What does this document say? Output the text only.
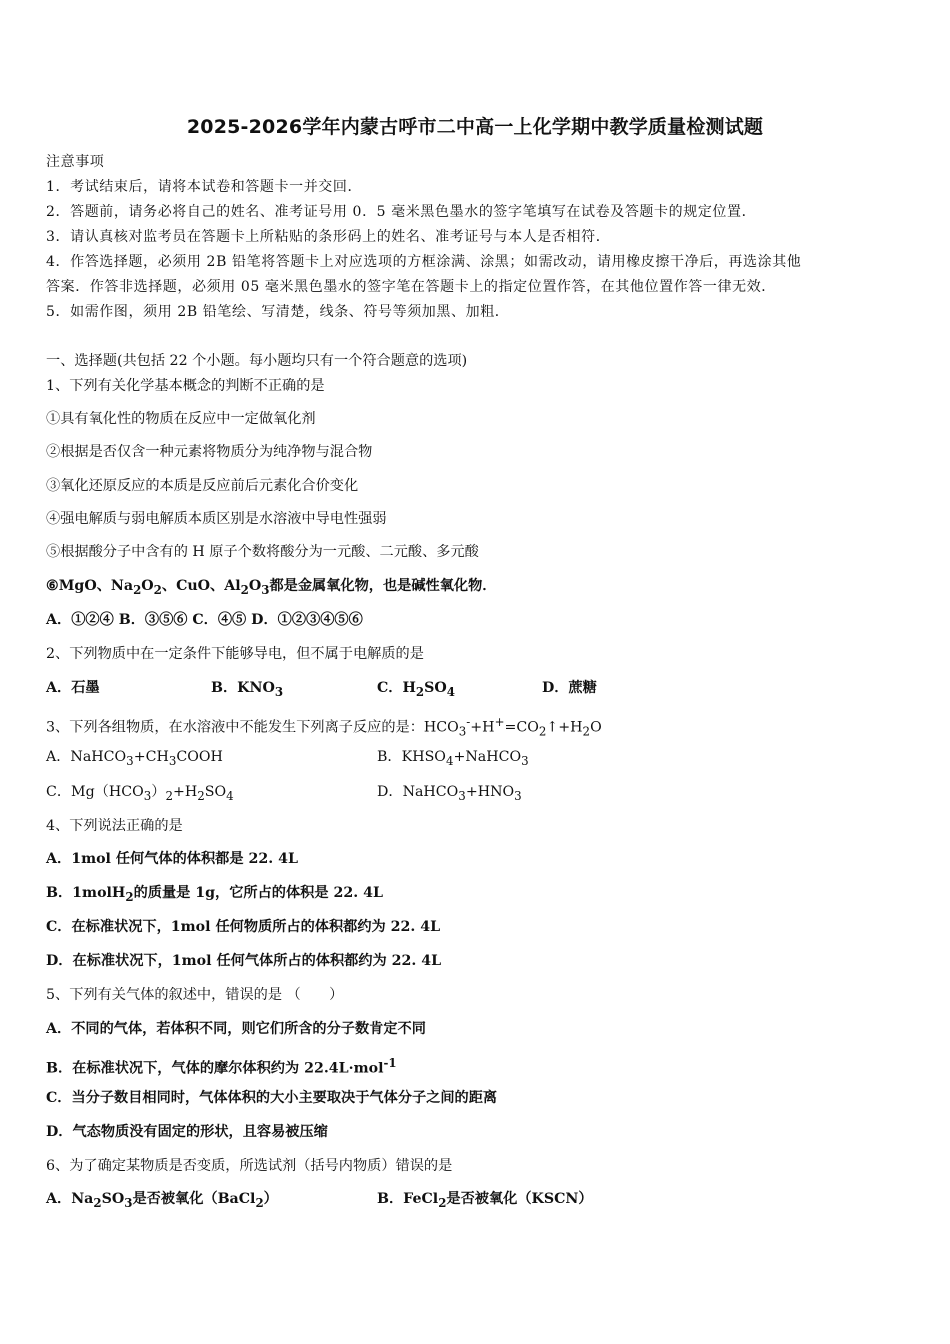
2025-2026学年内蒙古呼市二中高一上化学期中教学质量检测试题
注意事项
1．考试结束后，请将本试卷和答题卡一并交回．
2．答题前，请务必将自己的姓名、准考证号用 0．5 毫米黑色墨水的签字笔填写在试卷及答题卡的规定位置．
3．请认真核对监考员在答题卡上所粘贴的条形码上的姓名、准考证号与本人是否相符．
4．作答选择题，必须用 2B 铅笔将答题卡上对应选项的方框涂满、涂黑；如需改动，请用橡皮擦干净后，再选涂其他
答案．作答非选择题，必须用 05 毫米黑色墨水的签字笔在答题卡上的指定位置作答，在其他位置作答一律无效．
5．如需作图，须用 2B 铅笔绘、写清楚，线条、符号等须加黑、加粗．
一、选择题(共包括 22 个小题。每小题均只有一个符合题意的选项)
1、下列有关化学基本概念的判断不正确的是
①具有氧化性的物质在反应中一定做氧化剂
②根据是否仅含一种元素将物质分为纯净物与混合物
③氧化还原反应的本质是反应前后元素化合价变化
④强电解质与弱电解质本质区别是水溶液中导电性强弱
⑤根据酸分子中含有的 H 原子个数将酸分为一元酸、二元酸、多元酸
⑥MgO、$Na_2O_2$、CuO、$Al_2O_3$都是金属氧化物，也是碱性氧化物．
A．①②④ B．③⑤⑥ C．④⑤ D．①②③④⑤⑥
2、下列物质中在一定条件下能够导电，但不属于电解质的是
A．石墨	B．$KNO_3$	C．$H_2SO_4$	D．蔗糖
3、下列各组物质，在水溶液中不能发生下列离子反应的是：$HCO_3^-+H^+=CO_2↑+H_2O$
A．$NaHCO_3+CH_3COOH$	B．$KHSO_4+NaHCO_3$
C．$Mg(HCO_3)_2+H_2SO_4$	D．$NaHCO_3+HNO_3$
4、下列说法正确的是
A．1mol 任何气体的体积都是 22. 4L
B．1molH$_2$的质量是 1g，它所占的体积是 22. 4L
C．在标准状况下，1mol 任何物质所占的体积都约为 22. 4L
D．在标准状况下，1mol 任何气体所占的体积都约为 22. 4L
5、下列有关气体的叙述中，错误的是 （　　）
A．不同的气体，若体积不同，则它们所含的分子数肯定不同
B．在标准状况下，气体的摩尔体积约为 22.4L·mol$^{-1}$
C．当分子数目相同时，气体体积的大小主要取决于气体分子之间的距离
D．气态物质没有固定的形状，且容易被压缩
6、为了确定某物质是否变质，所选试剂（括号内物质）错误的是
A．$Na_2SO_3$是否被氧化（BaCl$_2$）	B．FeCl$_2$是否被氧化（KSCN）
